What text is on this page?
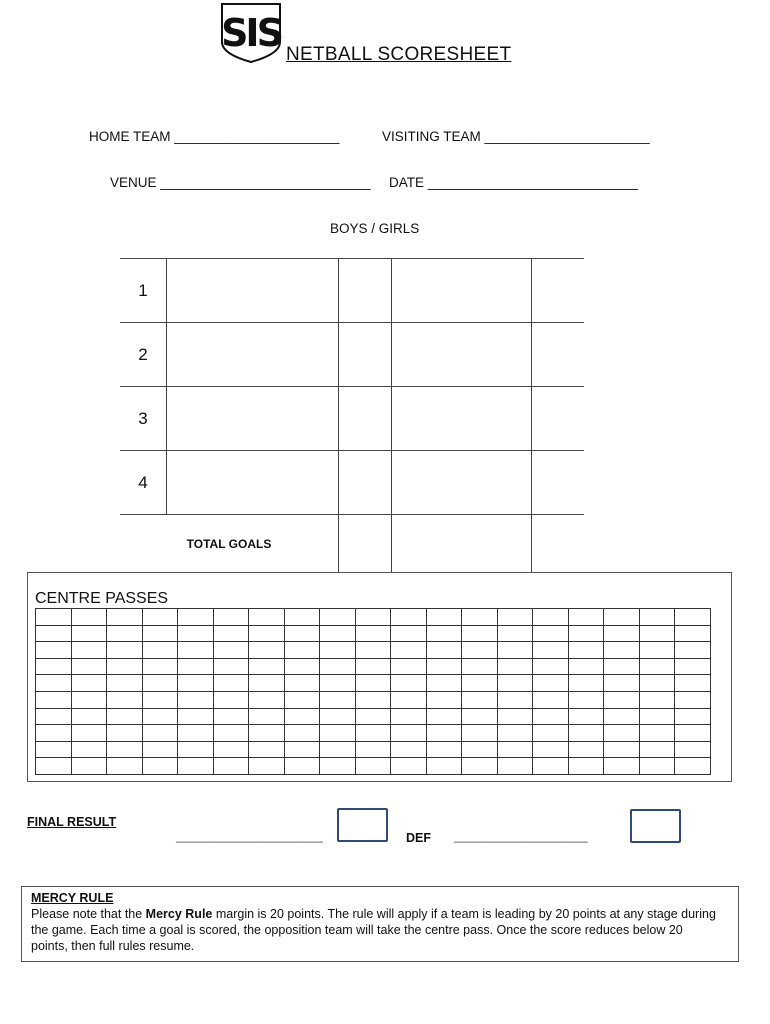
SIS NETBALL SCORESHEET
HOME TEAM ______________________	VISITING TEAM ______________________
VENUE ____________________________ DATE ____________________________
BOYS / GIRLS
1				
2				
3				
4				
TOTAL GOALS				
CENTRE PASSES

FINAL RESULT
______________________	DEF ____________________
MERCY RULE
Please note that the Mercy Rule margin is 20 points. The rule will apply if a team is leading by 20 points at any stage during the game. Each time a goal is scored, the opposition team will take the centre pass. Once the score reduces below 20 points, then full rules resume.
